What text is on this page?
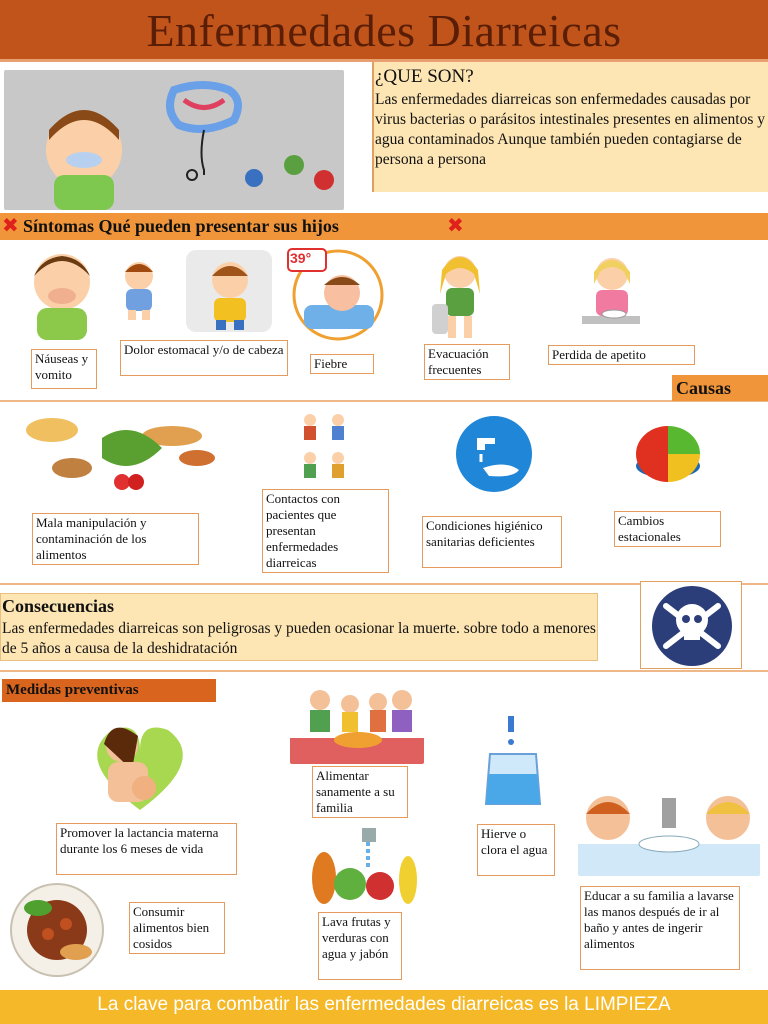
Enfermedades Diarreicas
¿QUE SON?
Las enfermedades diarreicas son enfermedades causadas por virus bacterias o parásitos intestinales presentes en alimentos y agua contaminados Aunque también pueden contagiarse de persona a persona
✖ Síntomas Qué pueden presentar sus hijos	✖
39°
Náuseas y vomito
Dolor estomacal y/o de cabeza
Fiebre
Evacuación frecuentes
Perdida de apetito
Causas
Mala manipulación y contaminación de los alimentos
Contactos con pacientes que presentan enfermedades diarreicas
Condiciones higiénico sanitarias deficientes
Cambios estacionales
Consecuencias
Las enfermedades diarreicas son peligrosas y pueden ocasionar la muerte. sobre todo a menores de 5 años a causa de la deshidratación
Medidas preventivas
Promover la lactancia materna durante los 6 meses de vida
Alimentar sanamente a su familia
Hierve o clora el agua
Consumir alimentos bien cosidos
Lava frutas y verduras con agua y jabón
Educar a su familia a lavarse las manos después de ir al baño y antes de ingerir alimentos
La clave para combatir las enfermedades diarreicas es la LIMPIEZA
